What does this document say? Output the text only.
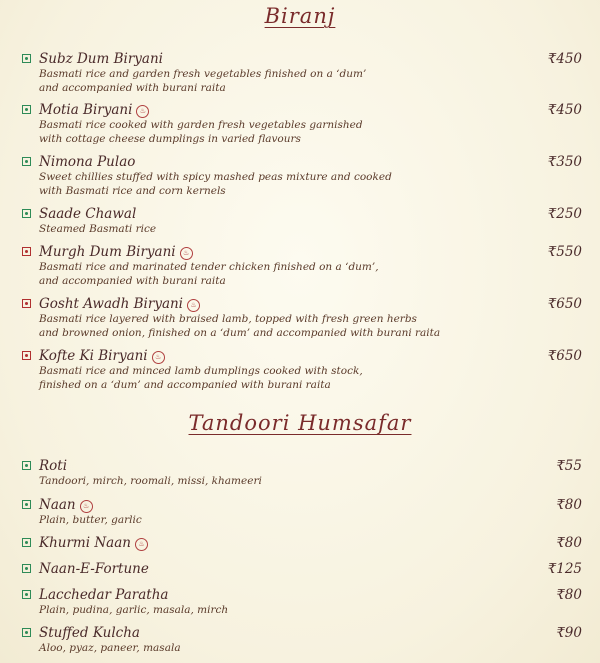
Biranj
Tandoori Humsafar
Subz Dum Biryani	₹450
Basmati rice and garden fresh vegetables finished on a ‘dum’
and accompanied with burani raita
Motia Biryani ♨	₹450
Basmati rice cooked with garden fresh vegetables garnished
with cottage cheese dumplings in varied flavours
Nimona Pulao	₹350
Sweet chillies stuffed with spicy mashed peas mixture and cooked
with Basmati rice and corn kernels
Saade Chawal	₹250
Steamed Basmati rice
Murgh Dum Biryani ♨	₹550
Basmati rice and marinated tender chicken finished on a ‘dum’,
and accompanied with burani raita
Gosht Awadh Biryani ♨	₹650
Basmati rice layered with braised lamb, topped with fresh green herbs
and browned onion, finished on a ‘dum’ and accompanied with burani raita
Kofte Ki Biryani ♨	₹650
Basmati rice and minced lamb dumplings cooked with stock,
finished on a ‘dum’ and accompanied with burani raita
Roti	₹55
Tandoori, mirch, roomali, missi, khameeri
Naan ♨	₹80
Plain, butter, garlic
Khurmi Naan ♨	₹80
Naan-E-Fortune	₹125
Lacchedar Paratha	₹80
Plain, pudina, garlic, masala, mirch
Stuffed Kulcha	₹90
Aloo, pyaz, paneer, masala
